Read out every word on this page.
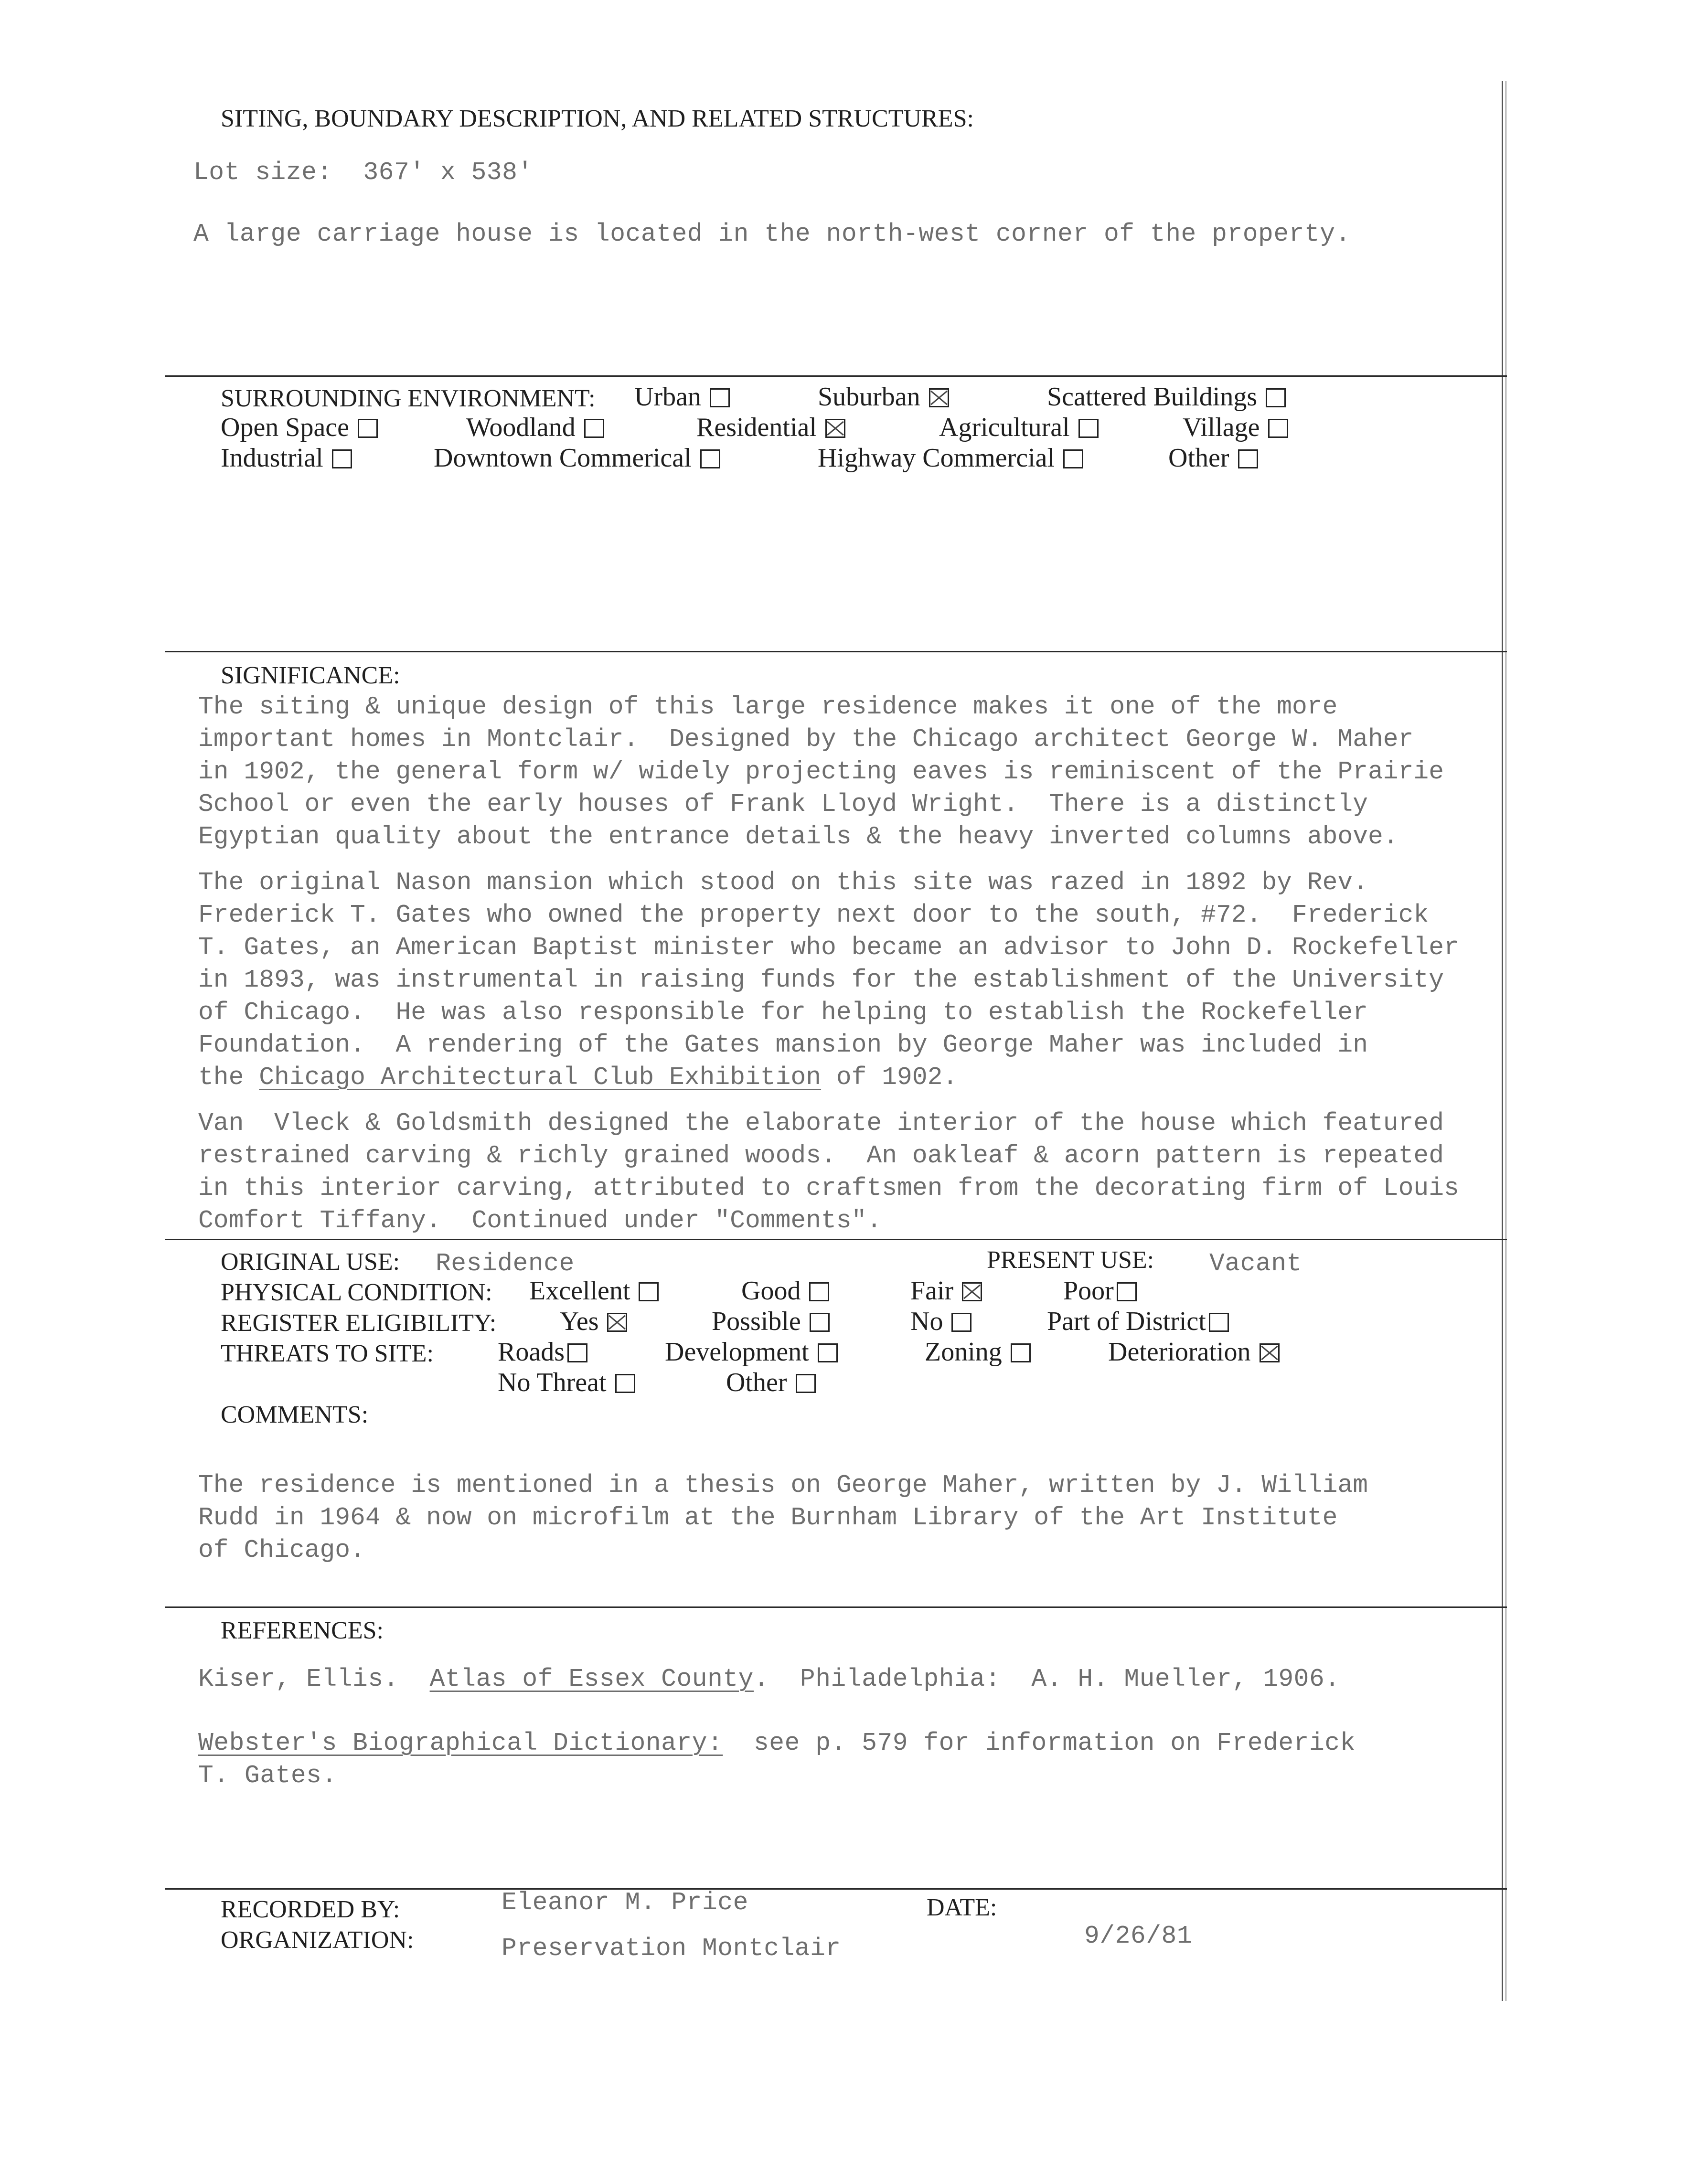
SITING, BOUNDARY DESCRIPTION, AND RELATED STRUCTURES:
Lot size:  367' x 538'
A large carriage house is located in the north-west corner of the property.
SURROUNDING ENVIRONMENT: Urban	Suburban	Scattered Buildings
Open Space	Woodland	Residential	Agricultural	Village
Industrial	Downtown Commerical	Highway Commercial	Other
SIGNIFICANCE:
The siting & unique design of this large residence makes it one of the more
important homes in Montclair.  Designed by the Chicago architect George W. Maher
in 1902, the general form w/ widely projecting eaves is reminiscent of the Prairie
School or even the early houses of Frank Lloyd Wright.  There is a distinctly
Egyptian quality about the entrance details & the heavy inverted columns above.
The original Nason mansion which stood on this site was razed in 1892 by Rev.
Frederick T. Gates who owned the property next door to the south, #72.  Frederick
T. Gates, an American Baptist minister who became an advisor to John D. Rockefeller
in 1893, was instrumental in raising funds for the establishment of the University
of Chicago.  He was also responsible for helping to establish the Rockefeller
Foundation.  A rendering of the Gates mansion by George Maher was included in
the Chicago Architectural Club Exhibition of 1902.
Van  Vleck & Goldsmith designed the elaborate interior of the house which featured
restrained carving & richly grained woods.  An oakleaf & acorn pattern is repeated
in this interior carving, attributed to craftsmen from the decorating firm of Louis
Comfort Tiffany.  Continued under "Comments".
ORIGINAL USE: Residence	PRESENT USE: Vacant
PHYSICAL CONDITION: Excellent	Good	Fair	Poor
REGISTER ELIGIBILITY: Yes	Possible	No	Part of District
THREATS TO SITE: Roads	Development	Zoning	Deterioration
No Threat	Other
COMMENTS:
The residence is mentioned in a thesis on George Maher, written by J. William
Rudd in 1964 & now on microfilm at the Burnham Library of the Art Institute
of Chicago.
REFERENCES:
Kiser, Ellis.  Atlas of Essex County.  Philadelphia:  A. H. Mueller, 1906.
Webster's Biographical Dictionary:  see p. 579 for information on Frederick
T. Gates.
RECORDED BY:	Eleanor M. Price
ORGANIZATION:	Preservation Montclair
DATE:
9/26/81
